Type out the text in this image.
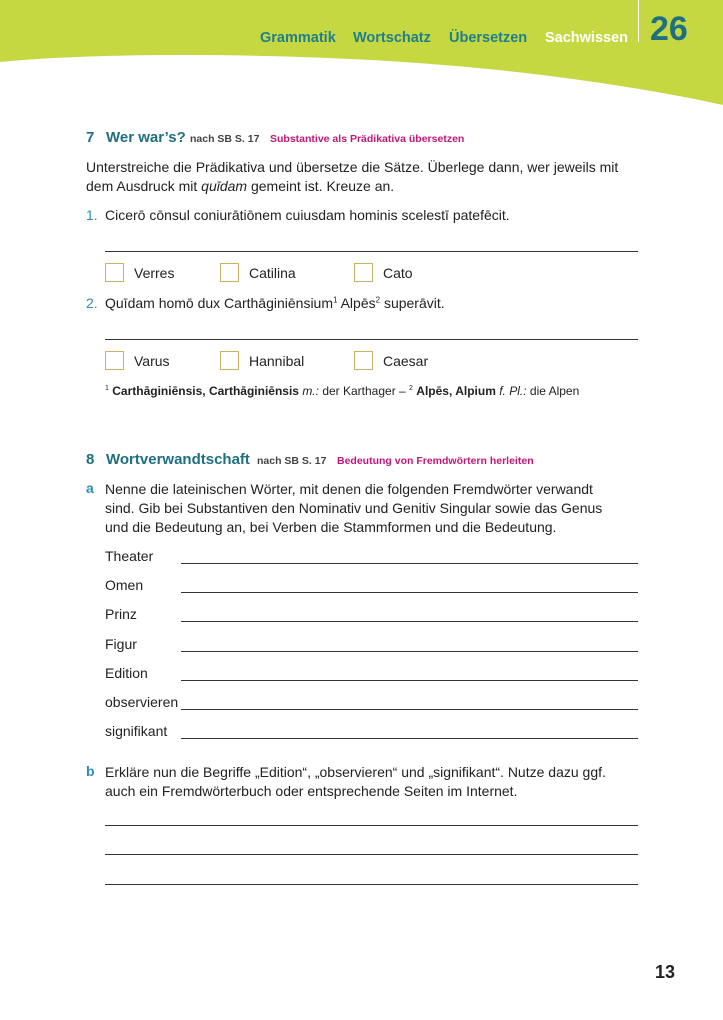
Grammatik Wortschatz Übersetzen Sachwissen 26
7 Wer war’s? nach SB S. 17 Substantive als Prädikativa übersetzen
Unterstreiche die Prädikativa und übersetze die Sätze. Überlege dann, wer jeweils mit
dem Ausdruck mit quīdam gemeint ist. Kreuze an.
1. Cicerō cōnsul coniurātiōnem cuiusdam hominis scelestī patefēcit.
Verres	Catilina	Cato
2. Quīdam homō dux Carthāginiēnsium$^1$ Alpēs$^2$ superāvit.
Varus	Hannibal	Caesar
$^1$ Carthāginiēnsis, Carthāginiēnsis m.: der Karthager – $^2$ Alpēs, Alpium f. Pl.: die Alpen
8 Wortverwandtschaft nach SB S. 17 Bedeutung von Fremdwörtern herleiten
a Nenne die lateinischen Wörter, mit denen die folgenden Fremdwörter verwandt
sind. Gib bei Substantiven den Nominativ und Genitiv Singular sowie das Genus
und die Bedeutung an, bei Verben die Stammformen und die Bedeutung.
Theater
Omen
Prinz
Figur
Edition
observieren
signifikant
b Erkläre nun die Begriffe „Edition“, „observieren“ und „signifikant“. Nutze dazu ggf.
auch ein Fremdwörterbuch oder entsprechende Seiten im Internet.
13
